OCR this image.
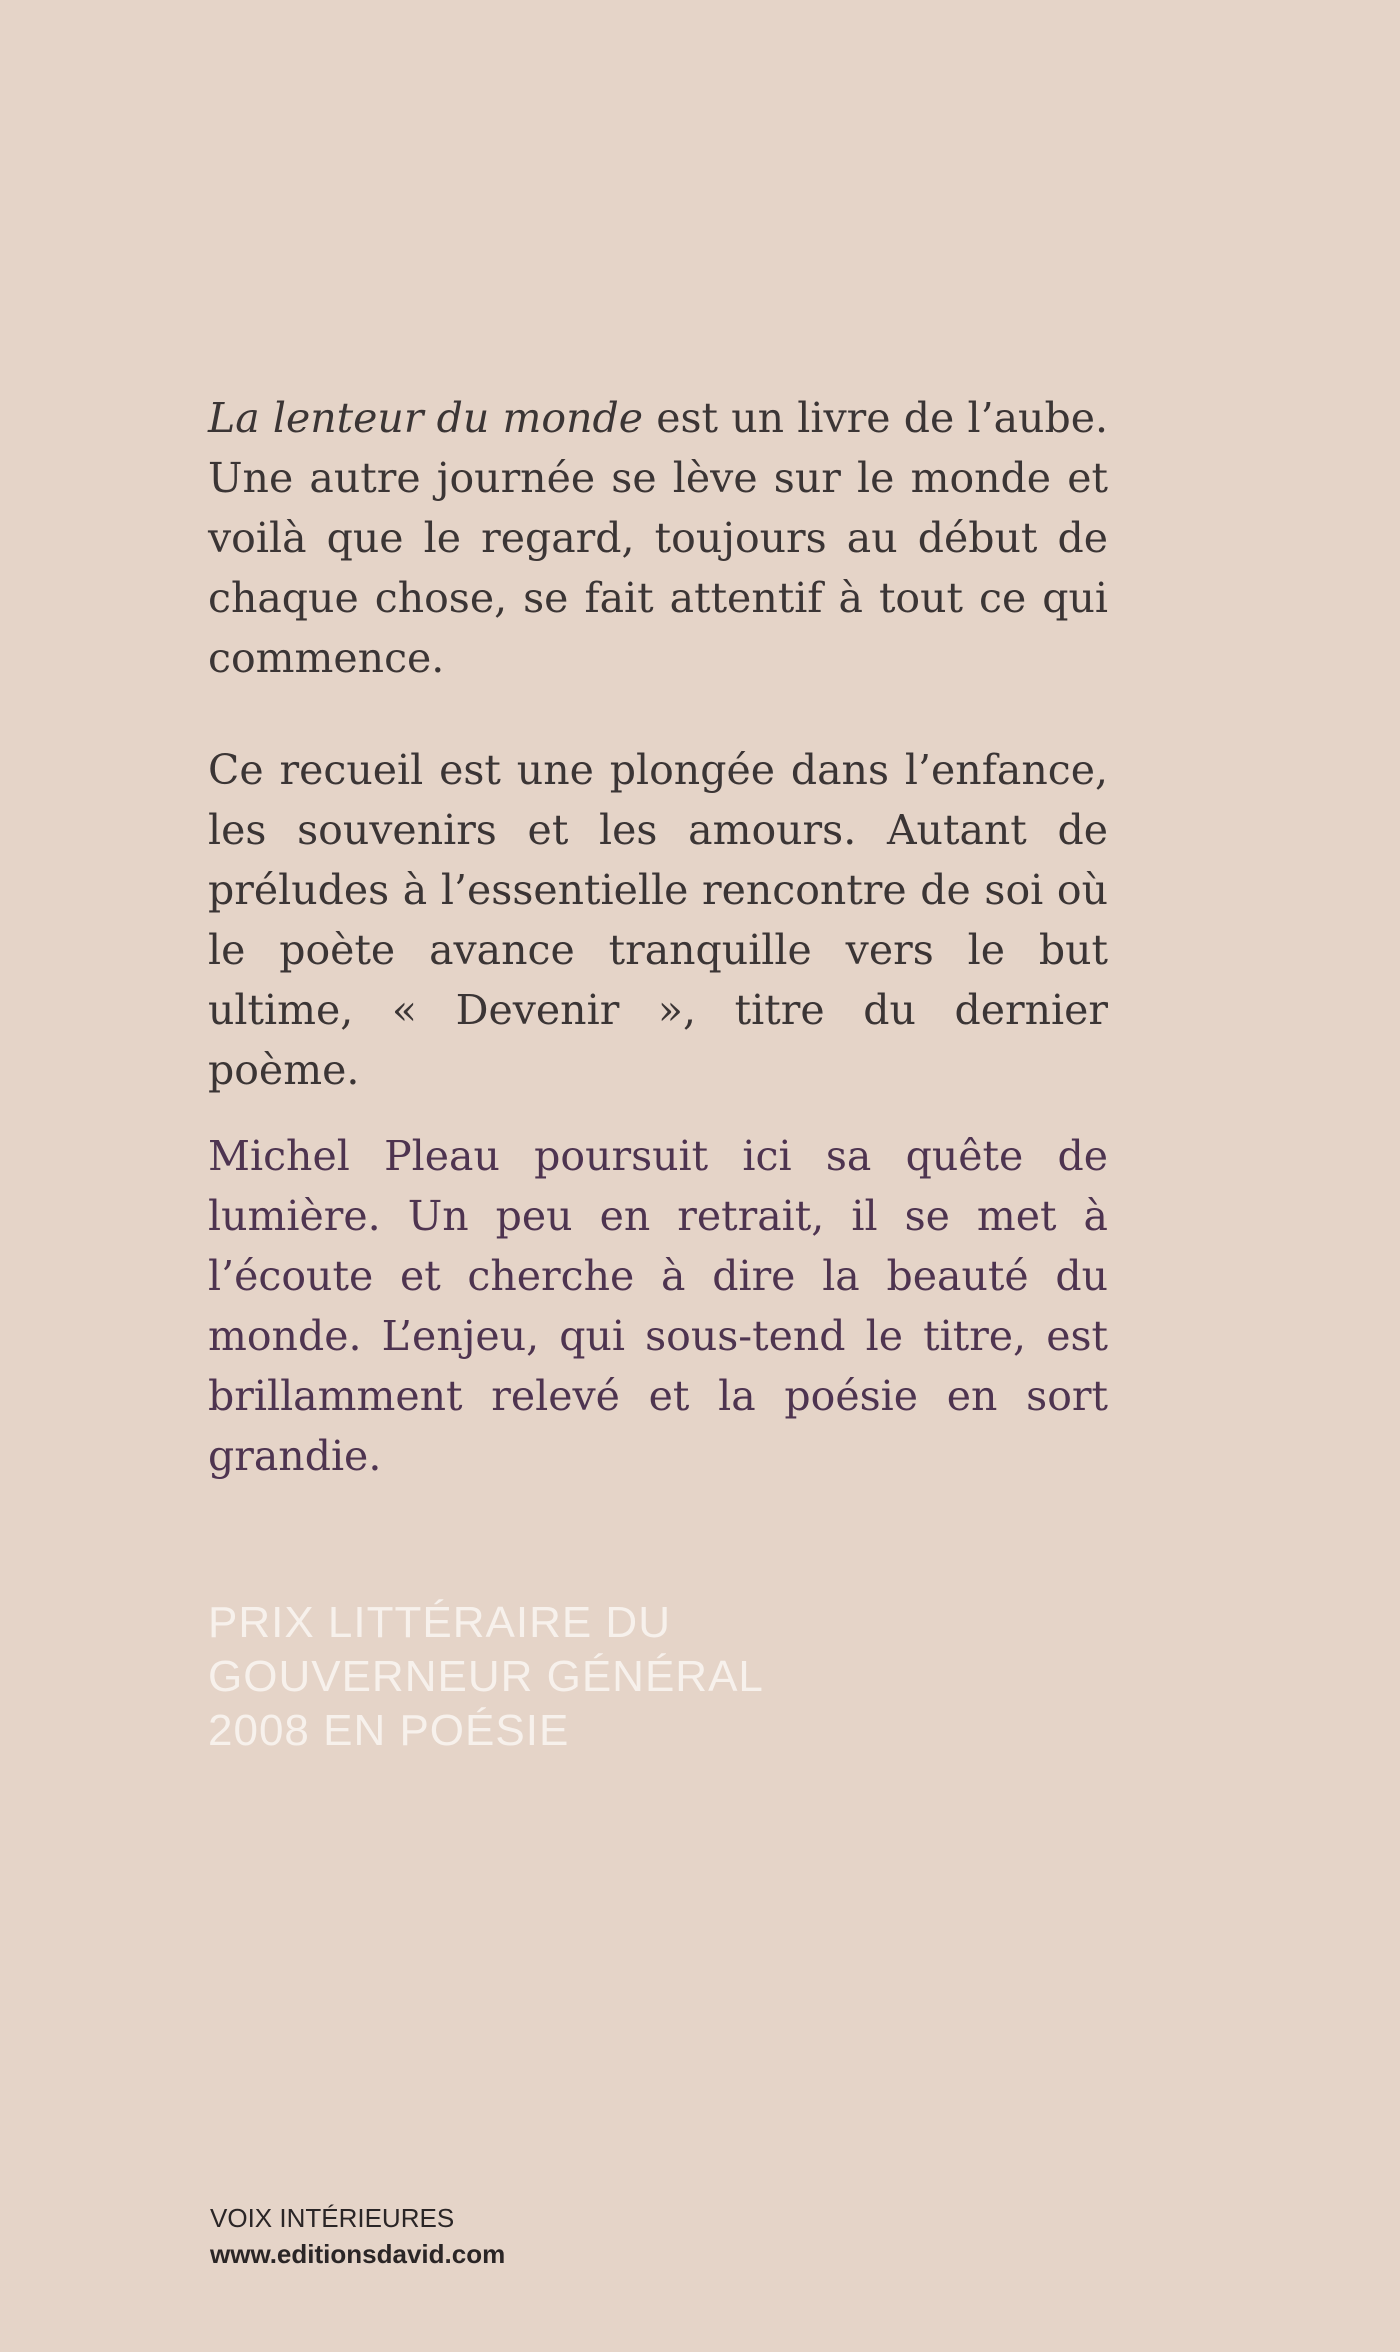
La lenteur du monde est un livre de l’aube. Une autre journée se lève sur le monde et voilà que le regard, toujours au début de chaque chose, se fait attentif à tout ce qui commence.

Ce recueil est une plongée dans l’enfance, les souvenirs et les amours. Autant de préludes à l’essentielle rencontre de soi où le poète avance tranquille vers le but ultime, « Devenir », titre du dernier poème.

Michel Pleau poursuit ici sa quête de lumière. Un peu en retrait, il se met à l’écoute et cherche à dire la beauté du monde. L’enjeu, qui sous-tend le titre, est brillamment relevé et la poésie en sort grandie.

PRIX LITTÉRAIRE DU
GOUVERNEUR GÉNÉRAL
2008 EN POÉSIE
VOIX INTÉRIEURES
www.editionsdavid.com
